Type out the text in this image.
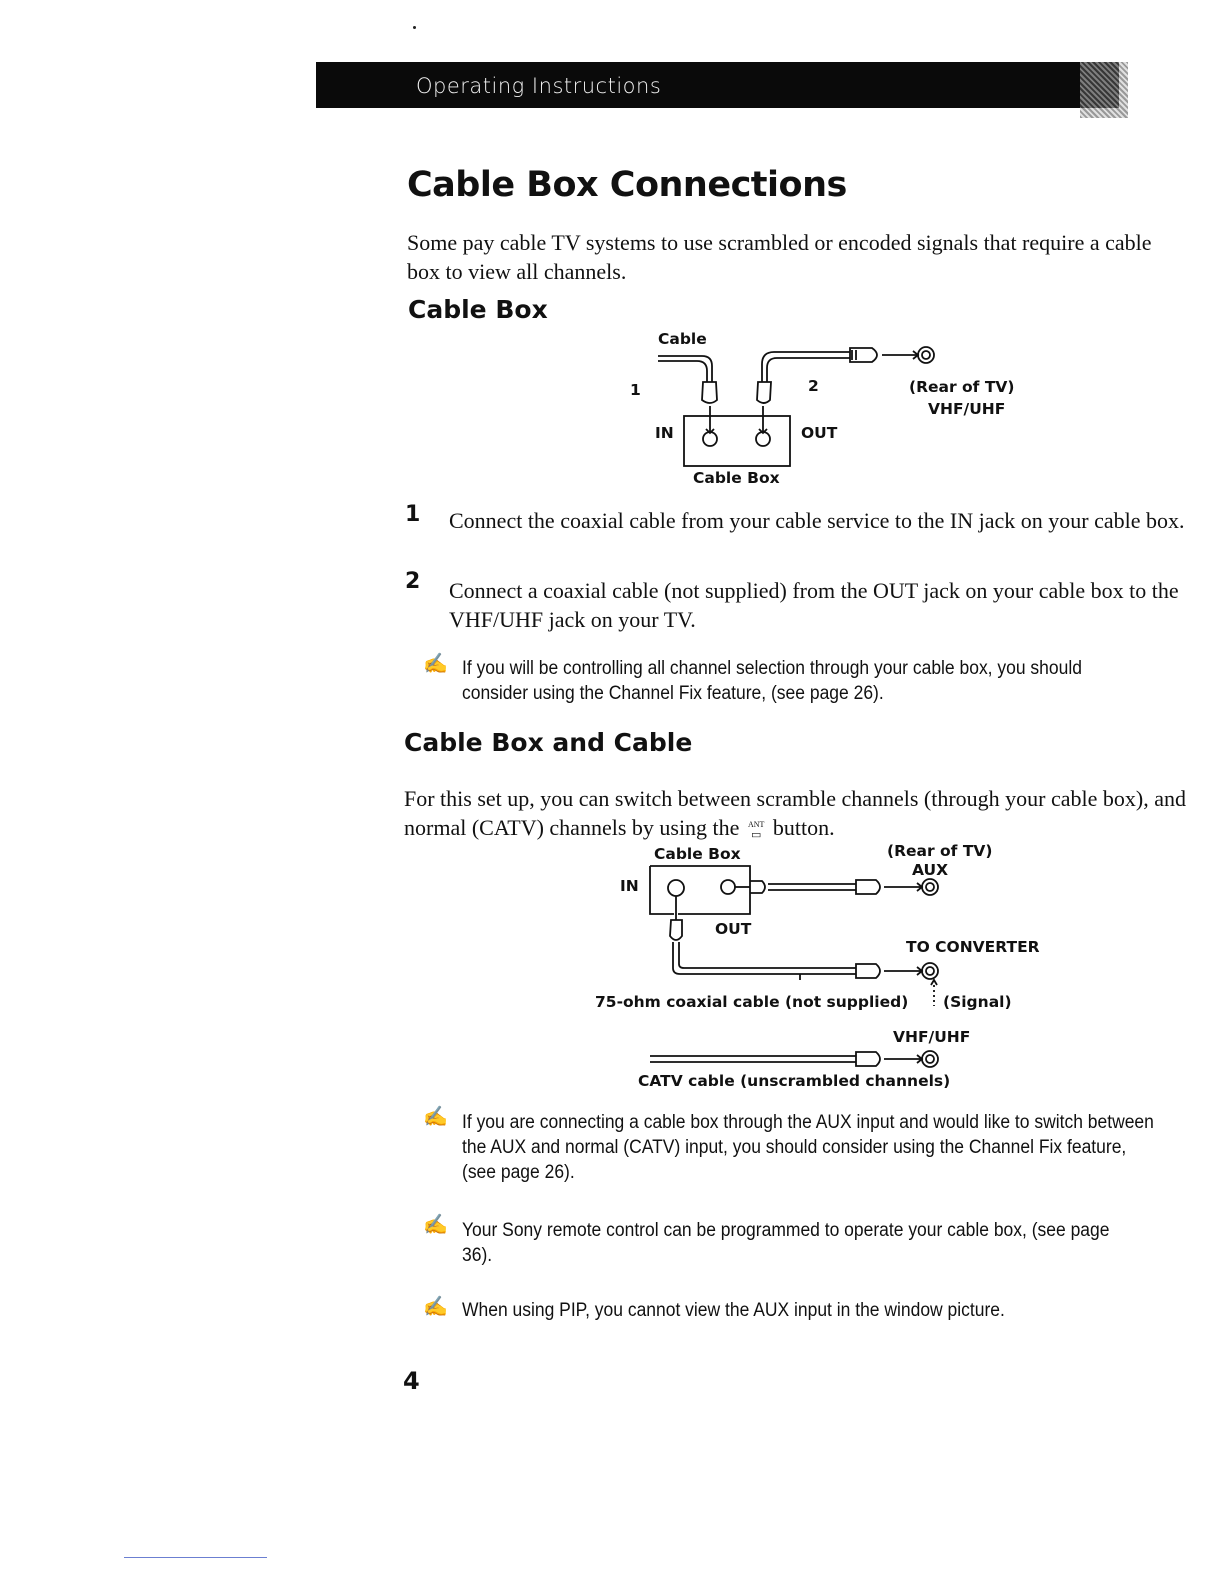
Operating Instructions
Cable Box Connections
Some pay cable TV systems to use scrambled or encoded signals that require a cable box to view all channels.
Cable Box
Cable
1	2	(Rear of TV)
VHF/UHF
IN	OUT
Cable Box
1 Connect the coaxial cable from your cable service to the IN jack on your cable box.
2 Connect a coaxial cable (not supplied) from the OUT jack on your cable box to the VHF/UHF jack on your TV.
✍ If you will be controlling all channel selection through your cable box, you should consider using the Channel Fix feature, (see page 26).
Cable Box and Cable
For this set up, you can switch between scramble channels (through your cable box), and normal (CATV) channels by using the ANT
▭ button.
Cable Box	(Rear of TV)
AUX
IN
OUT
TO CONVERTER
75-ohm coaxial cable (not supplied) (Signal)
VHF/UHF
CATV cable (unscrambled channels)
✍ If you are connecting a cable box through the AUX input and would like to switch between the AUX and normal (CATV) input, you should consider using the Channel Fix feature, (see page 26).
✍ Your Sony remote control can be programmed to operate your cable box, (see page 36).
✍ When using PIP, you cannot view the AUX input in the window picture.
4
